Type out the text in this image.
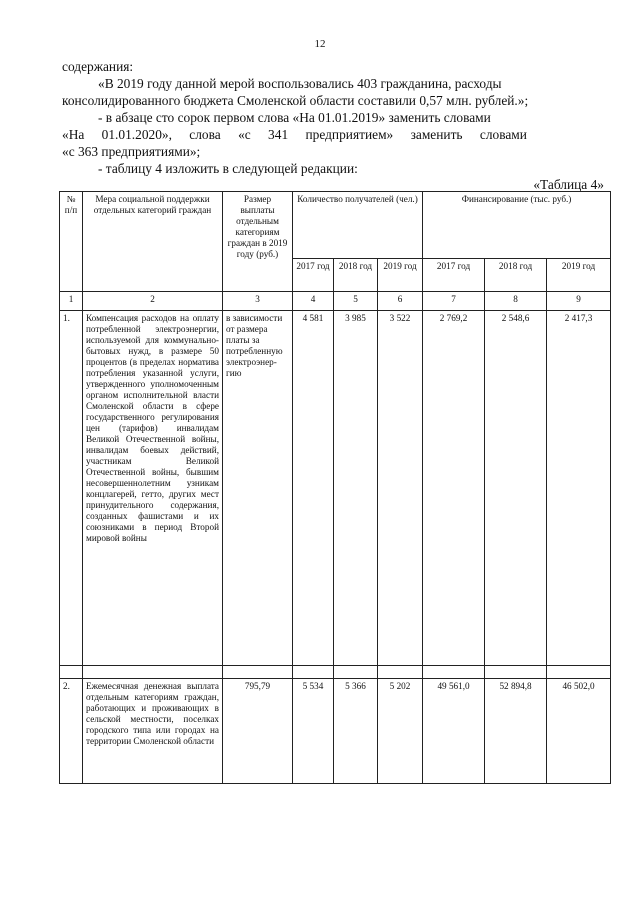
12
содержания:
«В 2019 году данной мерой воспользовались 403 гражданина, расходы
консолидированного бюджета Смоленской области составили 0,57 млн. рублей.»;
- в абзаце сто сорок первом слова «На 01.01.2019» заменить словами
«На 01.01.2020», слова «с 341 предприятием» заменить словами
«с 363 предприятиями»;
- таблицу 4 изложить в следующей редакции:
«Таблица 4»
№ п/п	Мера социальной поддержки отдельных категорий граждан	Размер выплаты отдельным категориям граждан в 2019 году (руб.)	Количество получателей (чел.)			Финансирование (тыс. руб.)		
			2017 год	2018 год	2019 год	2017 год	2018 год	2019 год
1	2	3	4	5	6	7	8	9
1.	Компенсация расходов на оплату потребленной электроэнергии, используемой для коммунально-бытовых нужд, в размере 50 процентов (в пределах норматива потребления указанной услуги, утвержденного уполномоченным органом исполнительной власти Смоленской области в сфере государственного регулирования цен (тарифов) инвалидам Великой Отечественной войны, инвалидам боевых действий, участникам Великой Отечественной войны, бывшим несовершеннолетним узникам концлагерей, гетто, других мест принудительного содержания, созданных фашистами и их союзниками в период Второй мировой войны	в зависимости от размера платы за потребленную электроэнер-гию	4 581	3 985	3 522	2 769,2	2 548,6	2 417,3

2.	Ежемесячная денежная выплата отдельным категориям граждан, работающих и проживающих в сельской местности, поселках городского типа или городах на территории Смоленской области	795,79	5 534	5 366	5 202	49 561,0	52 894,8	46 502,0
